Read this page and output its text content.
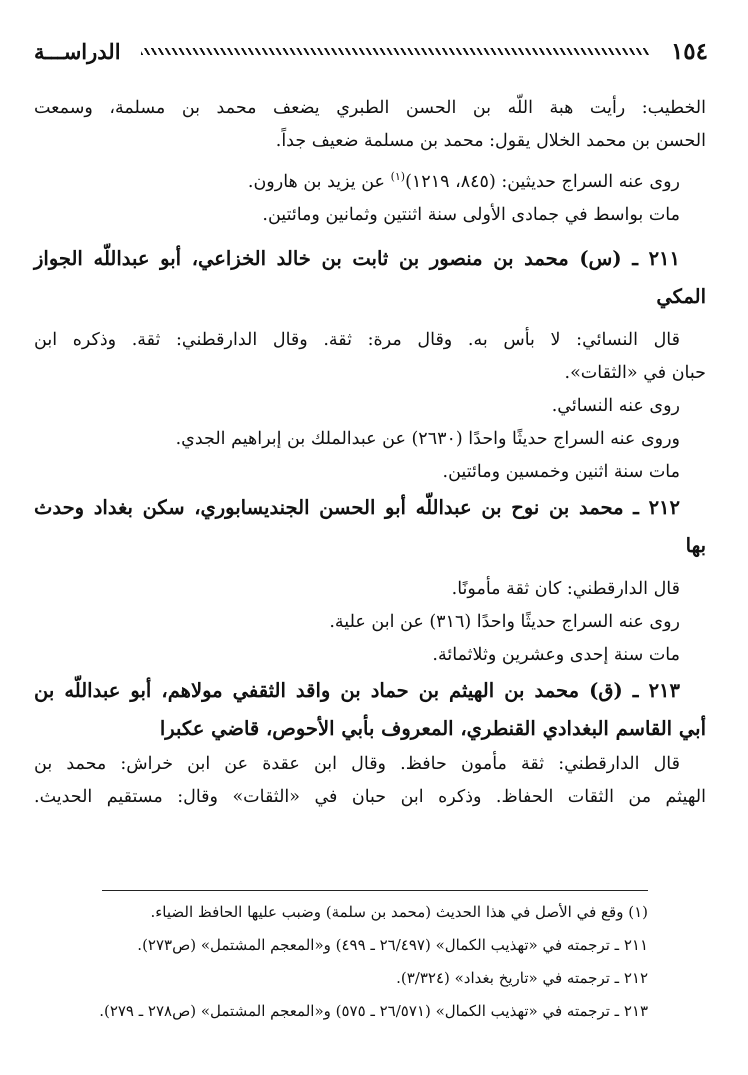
١٥٤
الدراســـة

الخطيب: رأيت هبة اللّه بن الحسن الطبري يضعف محمد بن مسلمة، وسمعت

الحسن بن محمد الخلال يقول: محمد بن مسلمة ضعيف جداً.

روى عنه السراج حديثين: (٨٤٥، ١٢١٩)$^{(١)}$ عن يزيد بن هارون.

مات بواسط في جمادى الأولى سنة اثنتين وثمانين ومائتين.

٢١١ ـ (س) محمد بن منصور بن ثابت بن خالد الخزاعي، أبو عبداللّه الجواز

المكي

قال النسائي: لا بأس به. وقال مرة: ثقة. وقال الدارقطني: ثقة. وذكره ابن

حبان في «الثقات».

روى عنه النسائي.

وروى عنه السراج حديثًا واحدًا (٢٦٣٠) عن عبدالملك بن إبراهيم الجدي.

مات سنة اثنين وخمسين ومائتين.

٢١٢ ـ محمد بن نوح بن عبداللّه أبو الحسن الجنديسابوري، سكن بغداد وحدث

بها

قال الدارقطني: كان ثقة مأمونًا.

روى عنه السراج حديثًا واحدًا (٣١٦) عن ابن علية.

مات سنة إحدى وعشرين وثلاثمائة.

٢١٣ ـ (ق) محمد بن الهيثم بن حماد بن واقد الثقفي مولاهم، أبو عبداللّه بن

أبي القاسم البغدادي القنطري، المعروف بأبي الأحوص، قاضي عكبرا

قال الدارقطني: ثقة مأمون حافظ. وقال ابن عقدة عن ابن خراش: محمد بن

الهيثم من الثقات الحفاظ. وذكره ابن حبان في «الثقات» وقال: مستقيم الحديث.

(١) وقع في الأصل في هذا الحديث (محمد بن سلمة) وضبب عليها الحافظ الضياء.

٢١١ ـ ترجمته في «تهذيب الكمال» (٢٦/٤٩٧ ـ ٤٩٩) و«المعجم المشتمل» (ص٢٧٣).

٢١٢ ـ ترجمته في «تاريخ بغداد» (٣/٣٢٤).

٢١٣ ـ ترجمته في «تهذيب الكمال» (٢٦/٥٧١ ـ ٥٧٥) و«المعجم المشتمل» (ص٢٧٨ ـ ٢٧٩).
